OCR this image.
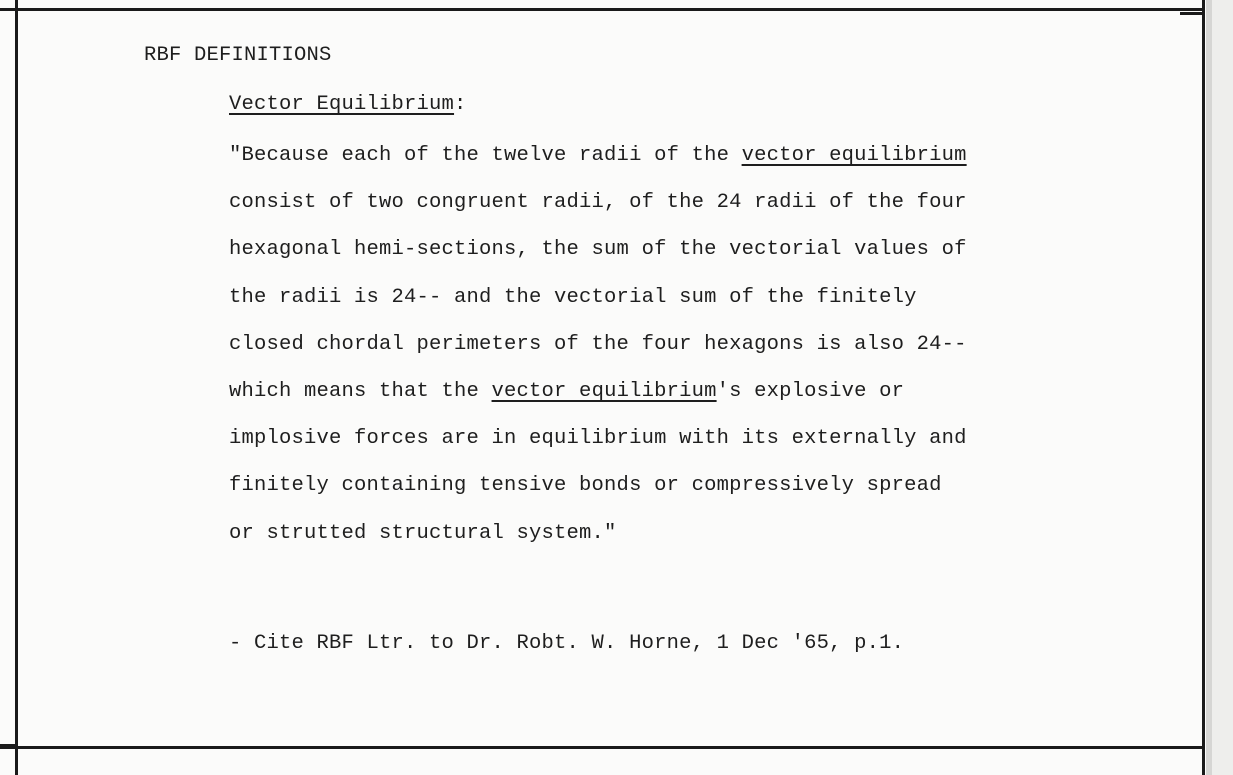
RBF DEFINITIONS
Vector Equilibrium:
"Because each of the twelve radii of the vector equilibrium
consist of two congruent radii, of the 24 radii of the four
hexagonal hemi-sections, the sum of the vectorial values of
the radii is 24-- and the vectorial sum of the finitely
closed chordal perimeters of the four hexagons is also 24--
which means that the vector equilibrium's explosive or
implosive forces are in equilibrium with its externally and
finitely containing tensive bonds or compressively spread
or strutted structural system."
- Cite RBF Ltr. to Dr. Robt. W. Horne, 1 Dec '65, p.1.
